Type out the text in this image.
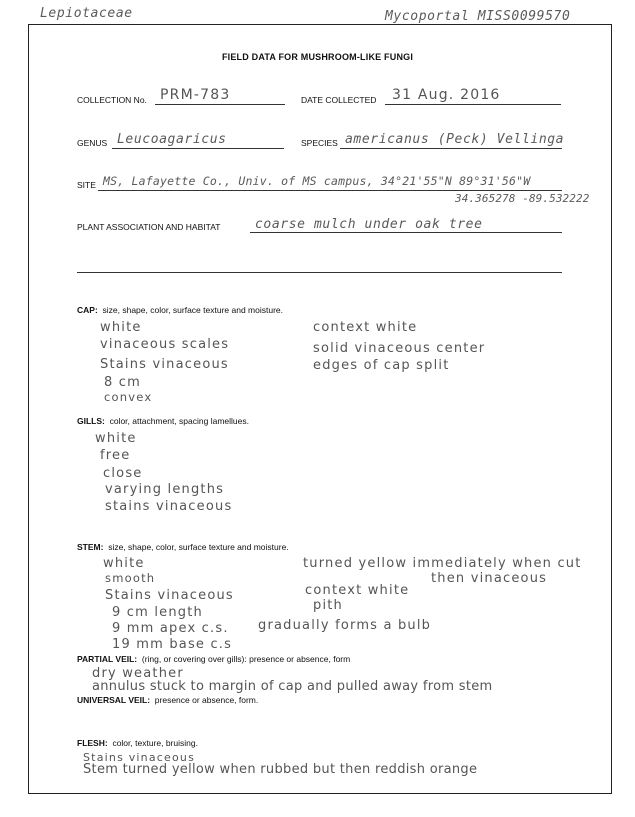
Lepiotaceae	Mycoportal MISS0099570
FIELD DATA FOR MUSHROOM-LIKE FUNGI
COLLECTION No. PRM-783	DATE COLLECTED 31 Aug. 2016
GENUS Leucoagaricus	SPECIES americanus (Peck) Vellinga
SITE MS, Lafayette Co., Univ. of MS campus, 34°21'55"N 89°31'56"W
34.365278 -89.532222
PLANT ASSOCIATION AND HABITAT	coarse mulch under oak tree
CAP: size, shape, color, surface texture and moisture.
white
vinaceous scales
Stains vinaceous
8 cm
convex
context white
solid vinaceous center
edges of cap split
GILLS: color, attachment, spacing lamellues.
white
free
close
varying lengths
stains vinaceous
STEM: size, shape, color, surface texture and moisture.
white
smooth
Stains vinaceous
9 cm length
9 mm apex c.s.
19 mm base c.s
turned yellow immediately when cut
then vinaceous
context white
pith
gradually forms a bulb
PARTIAL VEIL: (ring, or covering over gills): presence or absence, form
dry weather
annulus stuck to margin of cap and pulled away from stem
UNIVERSAL VEIL: presence or absence, form.
FLESH: color, texture, bruising.
Stains vinaceous
Stem turned yellow when rubbed but then reddish orange
